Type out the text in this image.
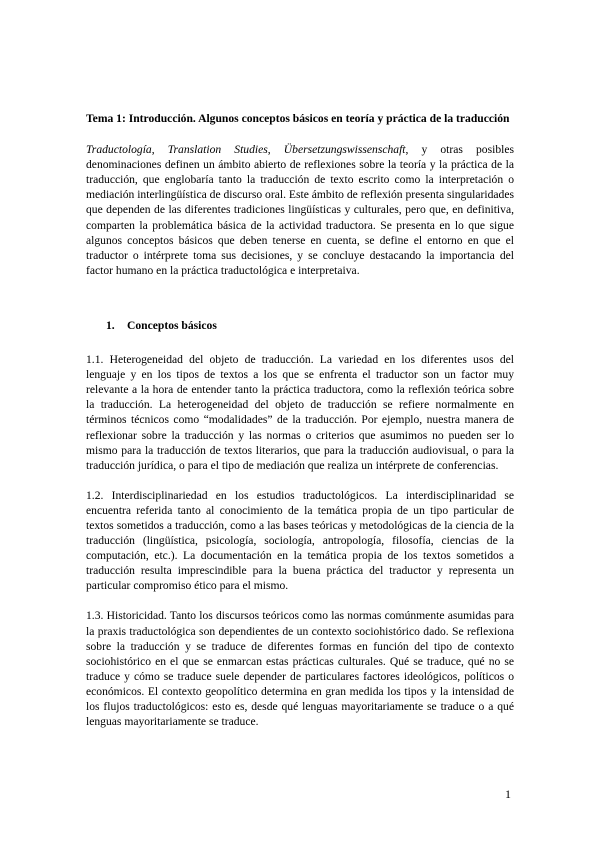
Tema 1: Introducción. Algunos conceptos básicos en teoría y práctica de la traducción

Traductología, Translation Studies, Übersetzungswissenschaft, y otras posibles denominaciones definen un ámbito abierto de reflexiones sobre la teoría y la práctica de la traducción, que englobaría tanto la traducción de texto escrito como la interpretación o mediación interlingüística de discurso oral. Este ámbito de reflexión presenta singularidades que dependen de las diferentes tradiciones lingüísticas y culturales, pero que, en definitiva, comparten la problemática básica de la actividad traductora. Se presenta en lo que sigue algunos conceptos básicos que deben tenerse en cuenta, se define el entorno en que el traductor o intérprete toma sus decisiones, y se concluye destacando la importancia del factor humano en la práctica traductológica e interpretaiva.

1. Conceptos básicos

1.1. Heterogeneidad del objeto de traducción. La variedad en los diferentes usos del lenguaje y en los tipos de textos a los que se enfrenta el traductor son un factor muy relevante a la hora de entender tanto la práctica traductora, como la reflexión teórica sobre la traducción. La heterogeneidad del objeto de traducción se refiere normalmente en términos técnicos como “modalidades” de la traducción. Por ejemplo, nuestra manera de reflexionar sobre la traducción y las normas o criterios que asumimos no pueden ser lo mismo para la traducción de textos literarios, que para la traducción audiovisual, o para la traducción jurídica, o para el tipo de mediación que realiza un intérprete de conferencias.

1.2. Interdisciplinariedad en los estudios traductológicos. La interdisciplinaridad se encuentra referida tanto al conocimiento de la temática propia de un tipo particular de textos sometidos a traducción, como a las bases teóricas y metodológicas de la ciencia de la traducción (lingüística, psicología, sociología, antropología, filosofía, ciencias de la computación, etc.). La documentación en la temática propia de los textos sometidos a traducción resulta imprescindible para la buena práctica del traductor y representa un particular compromiso ético para el mismo.

1.3. Historicidad. Tanto los discursos teóricos como las normas comúnmente asumidas para la praxis traductológica son dependientes de un contexto sociohistórico dado. Se reflexiona sobre la traducción y se traduce de diferentes formas en función del tipo de contexto sociohistórico en el que se enmarcan estas prácticas culturales. Qué se traduce, qué no se traduce y cómo se traduce suele depender de particulares factores ideológicos, políticos o económicos. El contexto geopolítico determina en gran medida los tipos y la intensidad de los flujos traductológicos: esto es, desde qué lenguas mayoritariamente se traduce o a qué lenguas mayoritariamente se traduce.

1
